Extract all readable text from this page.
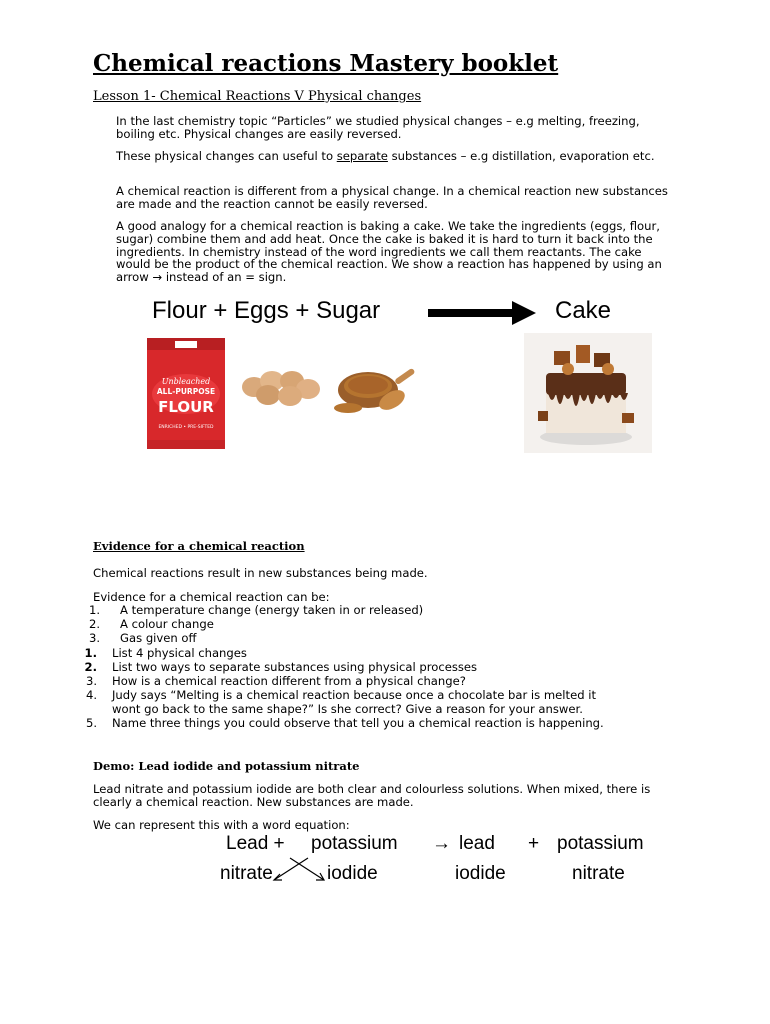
Chemical reactions Mastery booklet
Lesson 1- Chemical Reactions V Physical changes
In the last chemistry topic “Particles” we studied physical changes – e.g melting, freezing, boiling etc. Physical changes are easily reversed.
These physical changes can useful to separate substances – e.g distillation, evaporation etc.
A chemical reaction is different from a physical change. In a chemical reaction new substances are made and the reaction cannot be easily reversed.
A good analogy for a chemical reaction is baking a cake. We take the ingredients (eggs, flour, sugar) combine them and add heat. Once the cake is baked it is hard to turn it back into the ingredients. In chemistry instead of the word ingredients we call them reactants. The cake would be the product of the chemical reaction. We show a reaction has happened by using an arrow → instead of an = sign.
Flour + Eggs + Sugar	Cake
Unbleached
ALL-PURPOSE
FLOUR
ENRICHED • PRE-SIFTED
Evidence for a chemical reaction
Chemical reactions result in new substances being made.
Evidence for a chemical reaction can be:
1. A temperature change (energy taken in or released)
2. A colour change
3. Gas given off
1. List 4 physical changes
2. List two ways to separate substances using physical processes
3. How is a chemical reaction different from a physical change?
4. Judy says “Melting is a chemical reaction because once a chocolate bar is melted it
wont go back to the same shape?” Is she correct? Give a reason for your answer.
5. Name three things you could observe that tell you a chemical reaction is happening.
Demo: Lead iodide and potassium nitrate
Lead nitrate and potassium iodide are both clear and colourless solutions. When mixed, there is clearly a chemical reaction. New substances are made.
We can represent this with a word equation:
Lead + potassium
nitrate	iodide
→ lead + potassium
iodide	nitrate
